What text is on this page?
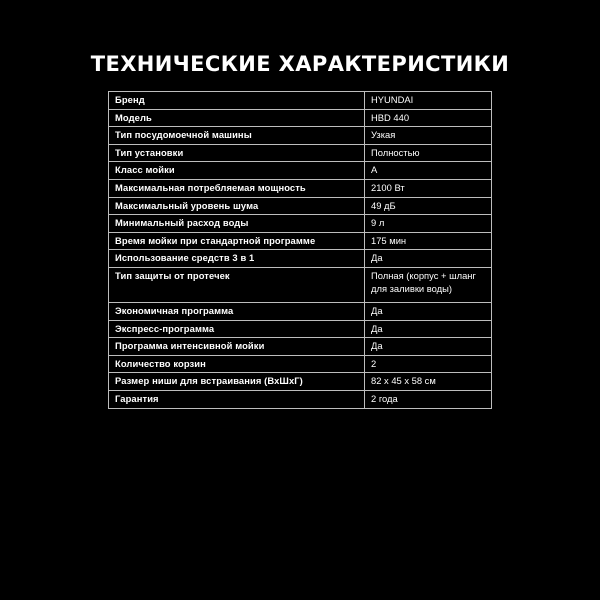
ТЕХНИЧЕСКИЕ ХАРАКТЕРИСТИКИ
Бренд	HYUNDAI
Модель	HBD 440
Тип посудомоечной машины	Узкая
Тип установки	Полностью
Класс мойки	A
Максимальная потребляемая мощность	2100 Вт
Максимальный уровень шума	49 дБ
Минимальный расход воды	9 л
Время мойки при стандартной программе	175 мин
Использование средств 3 в 1	Да
Тип защиты от протечек	Полная (корпус + шланг для заливки воды)
Экономичная программа	Да
Экспресс-программа	Да
Программа интенсивной мойки	Да
Количество корзин	2
Размер ниши для встраивания (ВхШхГ)	82 х 45 х 58 см
Гарантия	2 года
